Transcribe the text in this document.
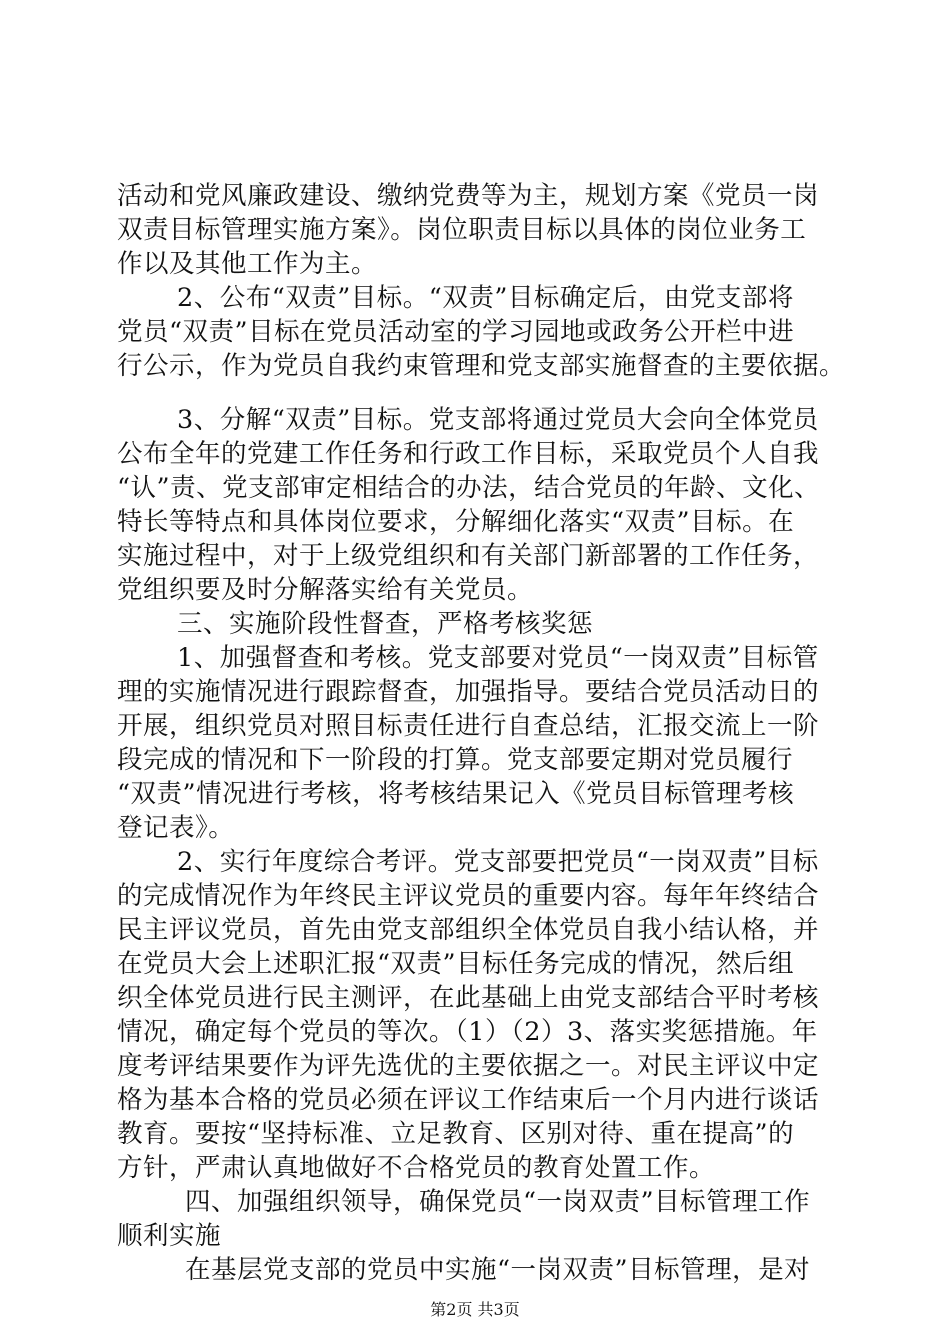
活动和党风廉政建设、缴纳党费等为主，规划方案《党员一岗
双责目标管理实施方案》。岗位职责目标以具体的岗位业务工
作以及其他工作为主。
2、公布“双责”目标。“双责”目标确定后，由党支部将
党员“双责”目标在党员活动室的学习园地或政务公开栏中进
行公示，作为党员自我约束管理和党支部实施督查的主要依据。
3、分解“双责”目标。党支部将通过党员大会向全体党员
公布全年的党建工作任务和行政工作目标，采取党员个人自我
“认”责、党支部审定相结合的办法，结合党员的年龄、文化、
特长等特点和具体岗位要求，分解细化落实“双责”目标。在
实施过程中，对于上级党组织和有关部门新部署的工作任务，
党组织要及时分解落实给有关党员。
三、实施阶段性督查，严格考核奖惩
1、加强督查和考核。党支部要对党员“一岗双责”目标管
理的实施情况进行跟踪督查，加强指导。要结合党员活动日的
开展，组织党员对照目标责任进行自查总结，汇报交流上一阶
段完成的情况和下一阶段的打算。党支部要定期对党员履行
“双责”情况进行考核，将考核结果记入《党员目标管理考核
登记表》。
2、实行年度综合考评。党支部要把党员“一岗双责”目标
的完成情况作为年终民主评议党员的重要内容。每年年终结合
民主评议党员，首先由党支部组织全体党员自我小结认格，并
在党员大会上述职汇报“双责”目标任务完成的情况，然后组
织全体党员进行民主测评，在此基础上由党支部结合平时考核
情况，确定每个党员的等次。（1）（2）3、落实奖惩措施。年
度考评结果要作为评先选优的主要依据之一。对民主评议中定
格为基本合格的党员必须在评议工作结束后一个月内进行谈话
教育。要按“坚持标准、立足教育、区别对待、重在提高”的
方针，严肃认真地做好不合格党员的教育处置工作。
四、加强组织领导，确保党员“一岗双责”目标管理工作
顺利实施
在基层党支部的党员中实施“一岗双责”目标管理，是对
第2页 共3页
